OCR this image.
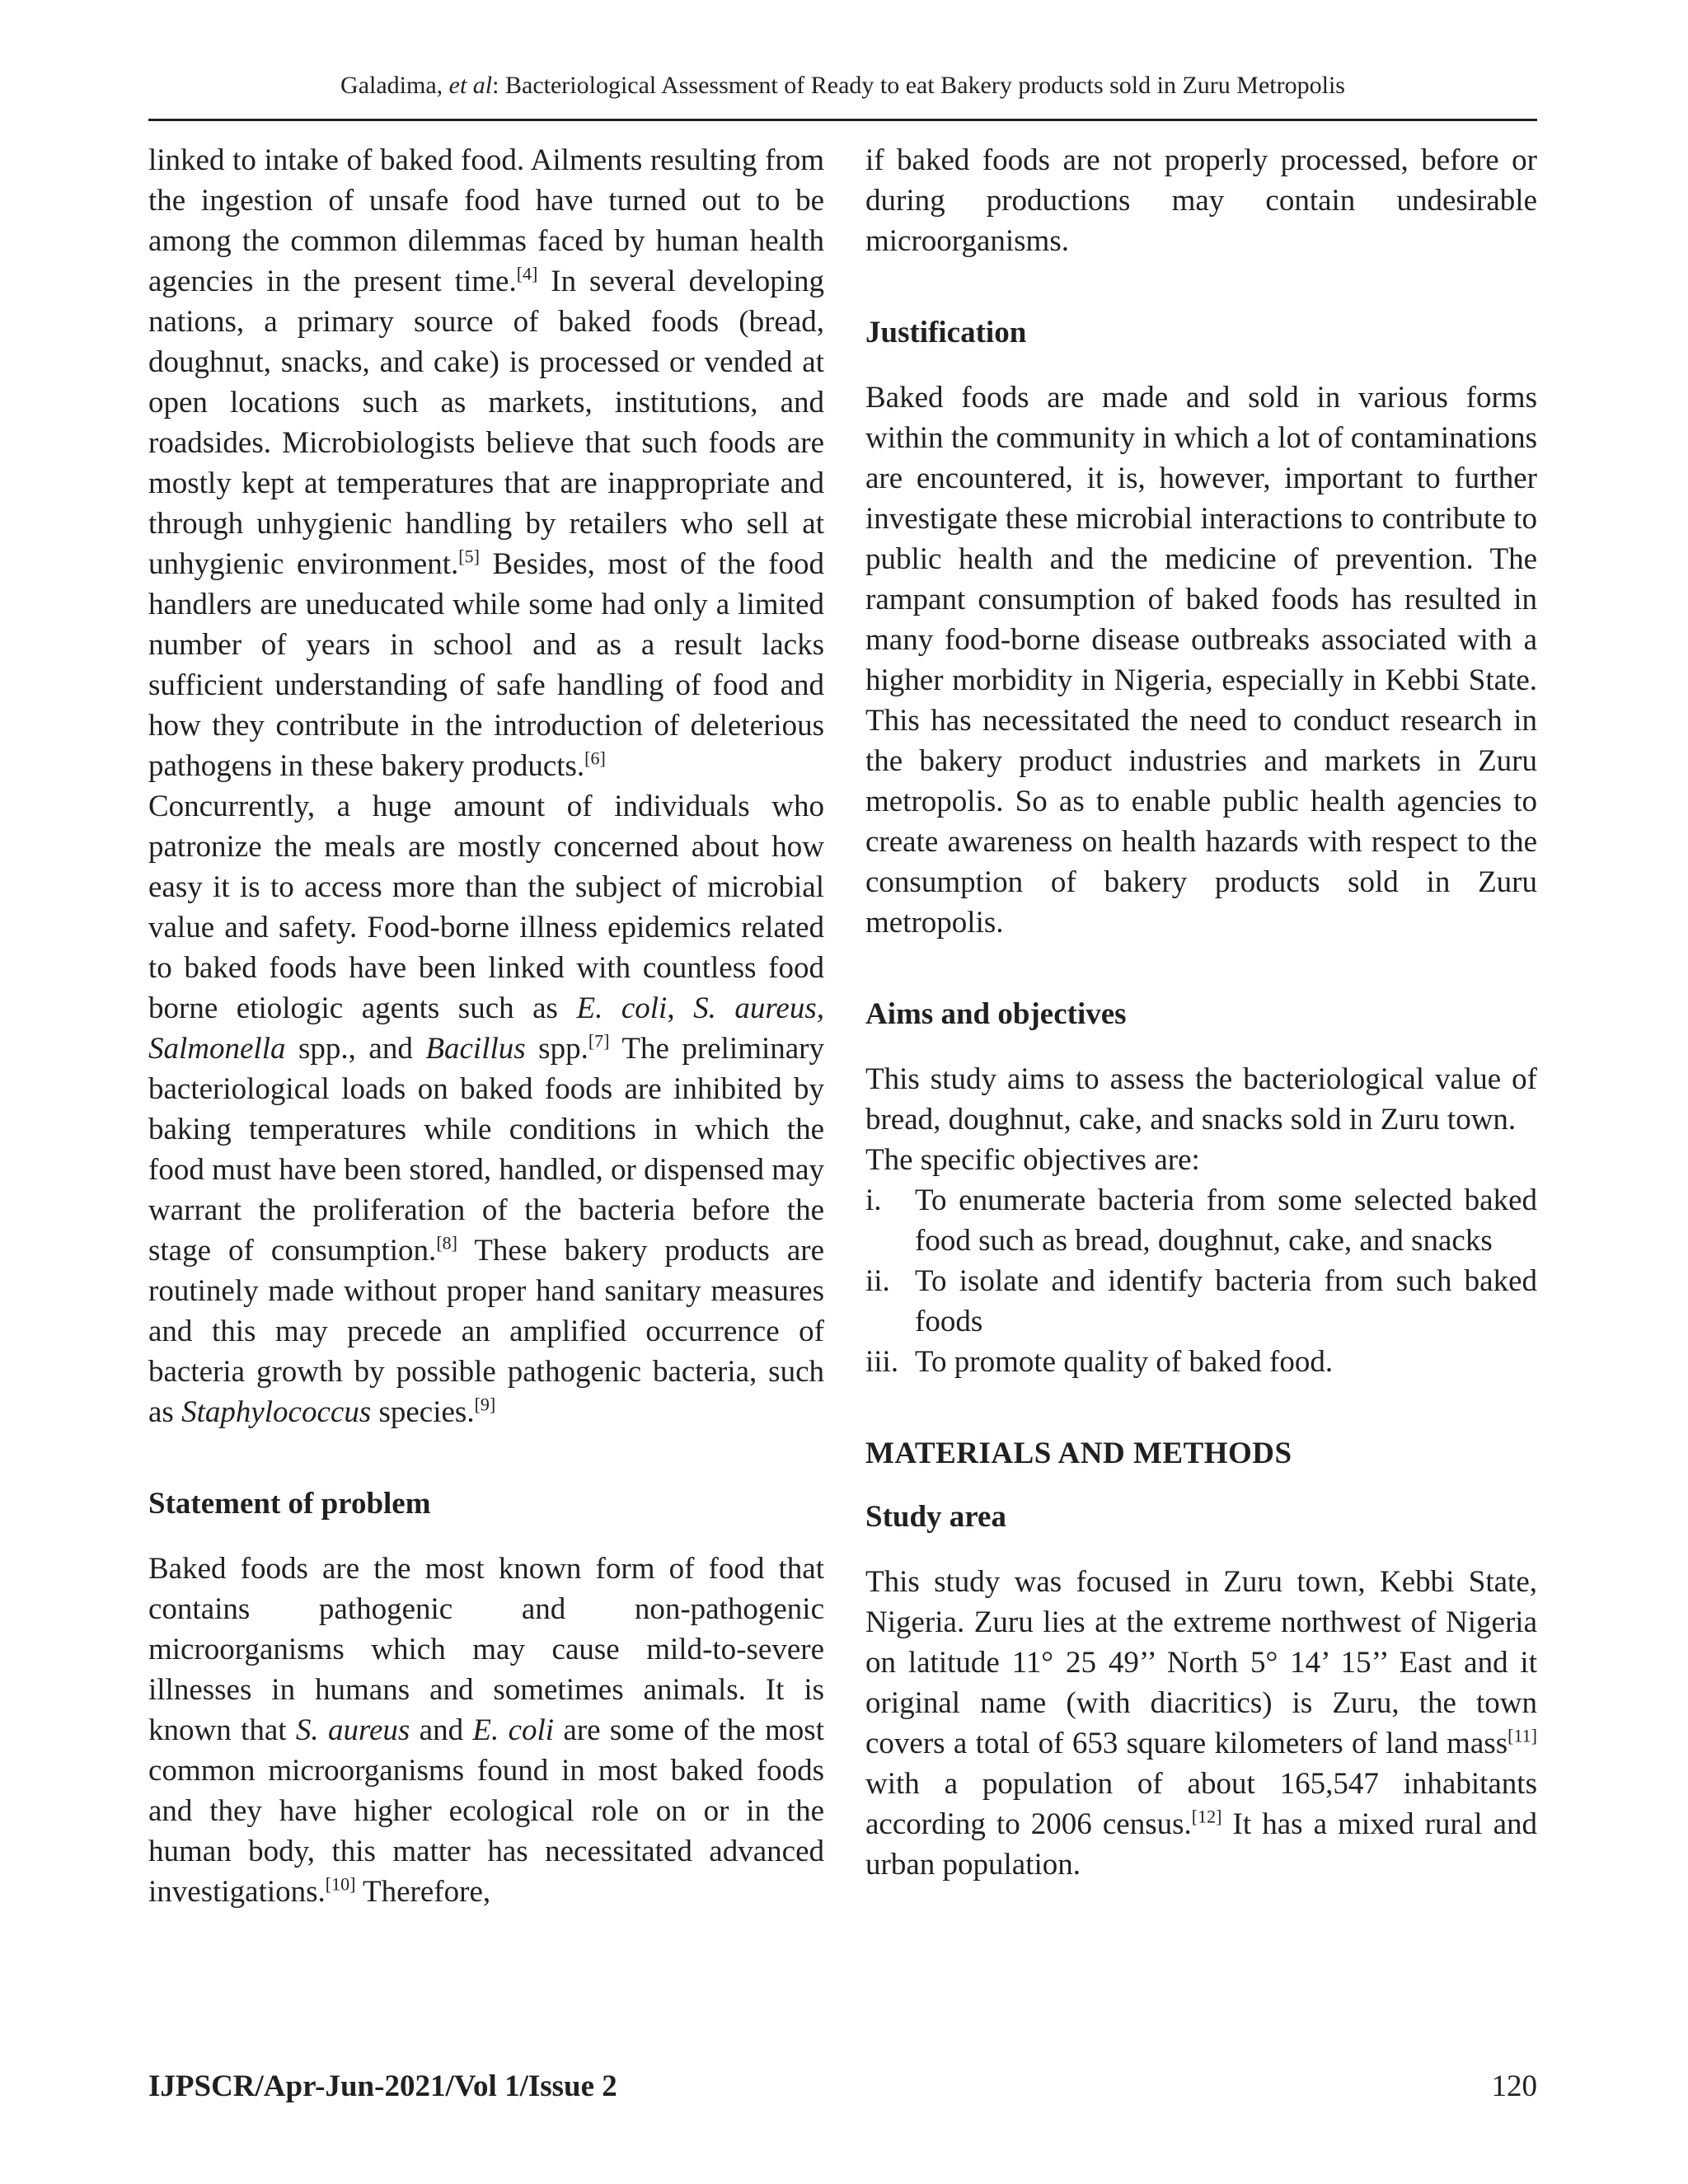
Galadima, et al: Bacteriological Assessment of Ready to eat Bakery products sold in Zuru Metropolis

linked to intake of baked food. Ailments resulting from the ingestion of unsafe food have turned out to be among the common dilemmas faced by human health agencies in the present time.[4] In several developing nations, a primary source of baked foods (bread, doughnut, snacks, and cake) is processed or vended at open locations such as markets, institutions, and roadsides. Microbiologists believe that such foods are mostly kept at temperatures that are inappropriate and through unhygienic handling by retailers who sell at unhygienic environment.[5] Besides, most of the food handlers are uneducated while some had only a limited number of years in school and as a result lacks sufficient understanding of safe handling of food and how they contribute in the introduction of deleterious pathogens in these bakery products.[6]

Concurrently, a huge amount of individuals who patronize the meals are mostly concerned about how easy it is to access more than the subject of microbial value and safety. Food-borne illness epidemics related to baked foods have been linked with countless food borne etiologic agents such as E. coli, S. aureus, Salmonella spp., and Bacillus spp.[7] The preliminary bacteriological loads on baked foods are inhibited by baking temperatures while conditions in which the food must have been stored, handled, or dispensed may warrant the proliferation of the bacteria before the stage of consumption.[8] These bakery products are routinely made without proper hand sanitary measures and this may precede an amplified occurrence of bacteria growth by possible pathogenic bacteria, such as Staphylococcus species.[9]

Statement of problem

Baked foods are the most known form of food that contains pathogenic and non-pathogenic microorganisms which may cause mild-to-severe illnesses in humans and sometimes animals. It is known that S. aureus and E. coli are some of the most common microorganisms found in most baked foods and they have higher ecological role on or in the human body, this matter has necessitated advanced investigations.[10] Therefore,

if baked foods are not properly processed, before or during productions may contain undesirable microorganisms.

Justification

Baked foods are made and sold in various forms within the community in which a lot of contaminations are encountered, it is, however, important to further investigate these microbial interactions to contribute to public health and the medicine of prevention. The rampant consumption of baked foods has resulted in many food-borne disease outbreaks associated with a higher morbidity in Nigeria, especially in Kebbi State. This has necessitated the need to conduct research in the bakery product industries and markets in Zuru metropolis. So as to enable public health agencies to create awareness on health hazards with respect to the consumption of bakery products sold in Zuru metropolis.

Aims and objectives

This study aims to assess the bacteriological value of bread, doughnut, cake, and snacks sold in Zuru town.

The specific objectives are:

i.	To enumerate bacteria from some selected baked food such as bread, doughnut, cake, and snacks
ii. To isolate and identify bacteria from such baked foods
iii. To promote quality of baked food.
MATERIALS AND METHODS
Study area

This study was focused in Zuru town, Kebbi State, Nigeria. Zuru lies at the extreme northwest of Nigeria on latitude 11° 25 49’’ North 5° 14’ 15’’ East and it original name (with diacritics) is Zuru, the town covers a total of 653 square kilometers of land mass[11] with a population of about 165,547 inhabitants according to 2006 census.[12] It has a mixed rural and urban population.

IJPSCR/Apr-Jun-2021/Vol 1/Issue 2	120
